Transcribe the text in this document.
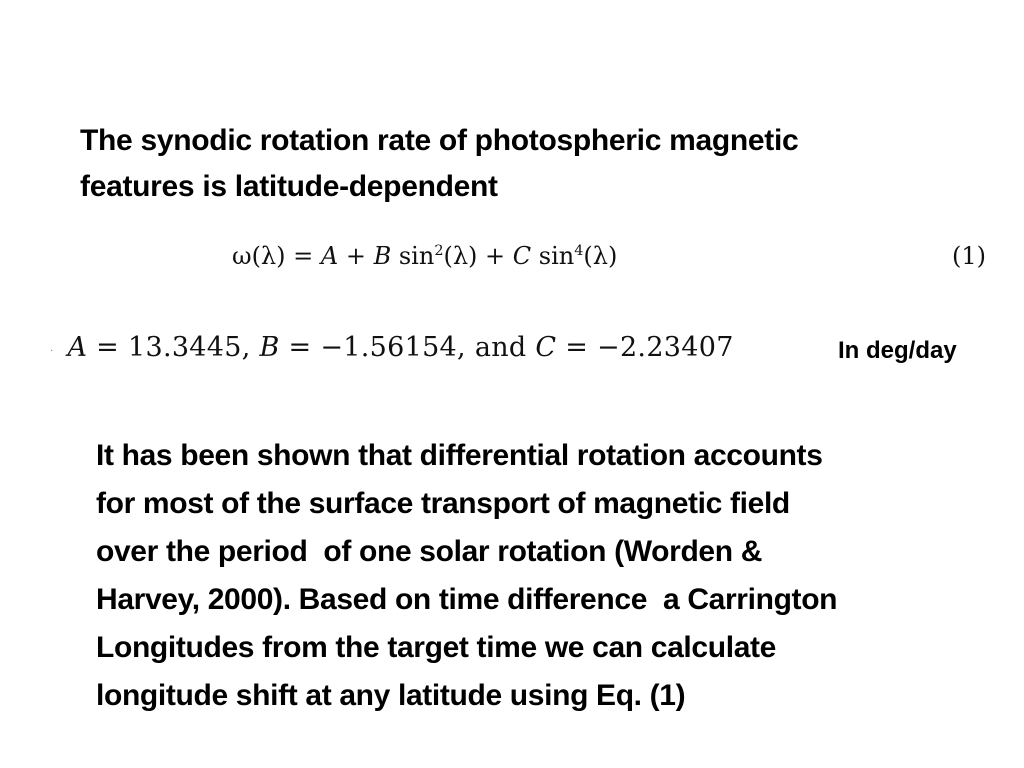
The synodic rotation rate of photospheric magnetic
features is latitude-dependent
ω(λ) = A + B $\sin^2(\lambda) + C$ $\sin^4(\lambda)$	(1)
. A = 13.3445, B = −1.56154, and C = −2.23407	In deg/day
It has been shown that differential rotation accounts
for most of the surface transport of magnetic field
over the period  of one solar rotation (Worden &
Harvey, 2000). Based on time difference  a Carrington
Longitudes from the target time we can calculate
longitude shift at any latitude using Eq. (1)
